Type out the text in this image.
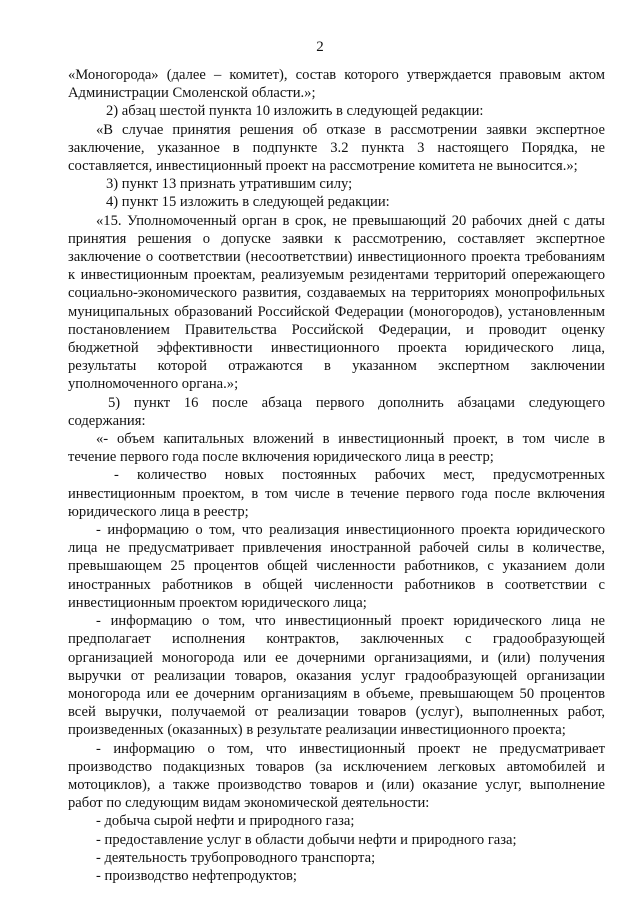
2

«Моногорода» (далее – комитет), состав которого утверждается правовым актом

Администрации Смоленской области.»;

2) абзац шестой пункта 10 изложить в следующей редакции:

«В случае принятия решения об отказе в рассмотрении заявки экспертное

заключение, указанное в подпункте 3.2 пункта 3 настоящего Порядка, не

составляется, инвестиционный проект на рассмотрение комитета не выносится.»;

3) пункт 13 признать утратившим силу;

4) пункт 15 изложить в следующей редакции:

«15. Уполномоченный орган в срок, не превышающий 20 рабочих дней с даты

принятия решения о допуске заявки к рассмотрению, составляет экспертное

заключение о соответствии (несоответствии) инвестиционного проекта требованиям

к инвестиционным проектам, реализуемым резидентами территорий опережающего

социально-экономического развития, создаваемых на территориях монопрофильных

муниципальных образований Российской Федерации (моногородов), установленным

постановлением Правительства Российской Федерации, и проводит оценку

бюджетной эффективности инвестиционного проекта юридического лица,

результаты которой отражаются в указанном экспертном заключении

уполномоченного органа.»;

5) пункт 16 после абзаца первого дополнить абзацами следующего

содержания:

«- объем капитальных вложений в инвестиционный проект, в том числе в

течение первого года после включения юридического лица в реестр;

- количество новых постоянных рабочих мест, предусмотренных

инвестиционным проектом, в том числе в течение первого года после включения

юридического лица в реестр;

- информацию о том, что реализация инвестиционного проекта юридического

лица не предусматривает привлечения иностранной рабочей силы в количестве,

превышающем 25 процентов общей численности работников, с указанием доли

иностранных работников в общей численности работников в соответствии с

инвестиционным проектом юридического лица;

- информацию о том, что инвестиционный проект юридического лица не

предполагает исполнения контрактов, заключенных с градообразующей

организацией моногорода или ее дочерними организациями, и (или) получения

выручки от реализации товаров, оказания услуг градообразующей организации

моногорода или ее дочерним организациям в объеме, превышающем 50 процентов

всей выручки, получаемой от реализации товаров (услуг), выполненных работ,

произведенных (оказанных) в результате реализации инвестиционного проекта;

- информацию о том, что инвестиционный проект не предусматривает

производство подакцизных товаров (за исключением легковых автомобилей и

мотоциклов), а также производство товаров и (или) оказание услуг, выполнение

работ по следующим видам экономической деятельности:

- добыча сырой нефти и природного газа;

- предоставление услуг в области добычи нефти и природного газа;

- деятельность трубопроводного транспорта;

- производство нефтепродуктов;
